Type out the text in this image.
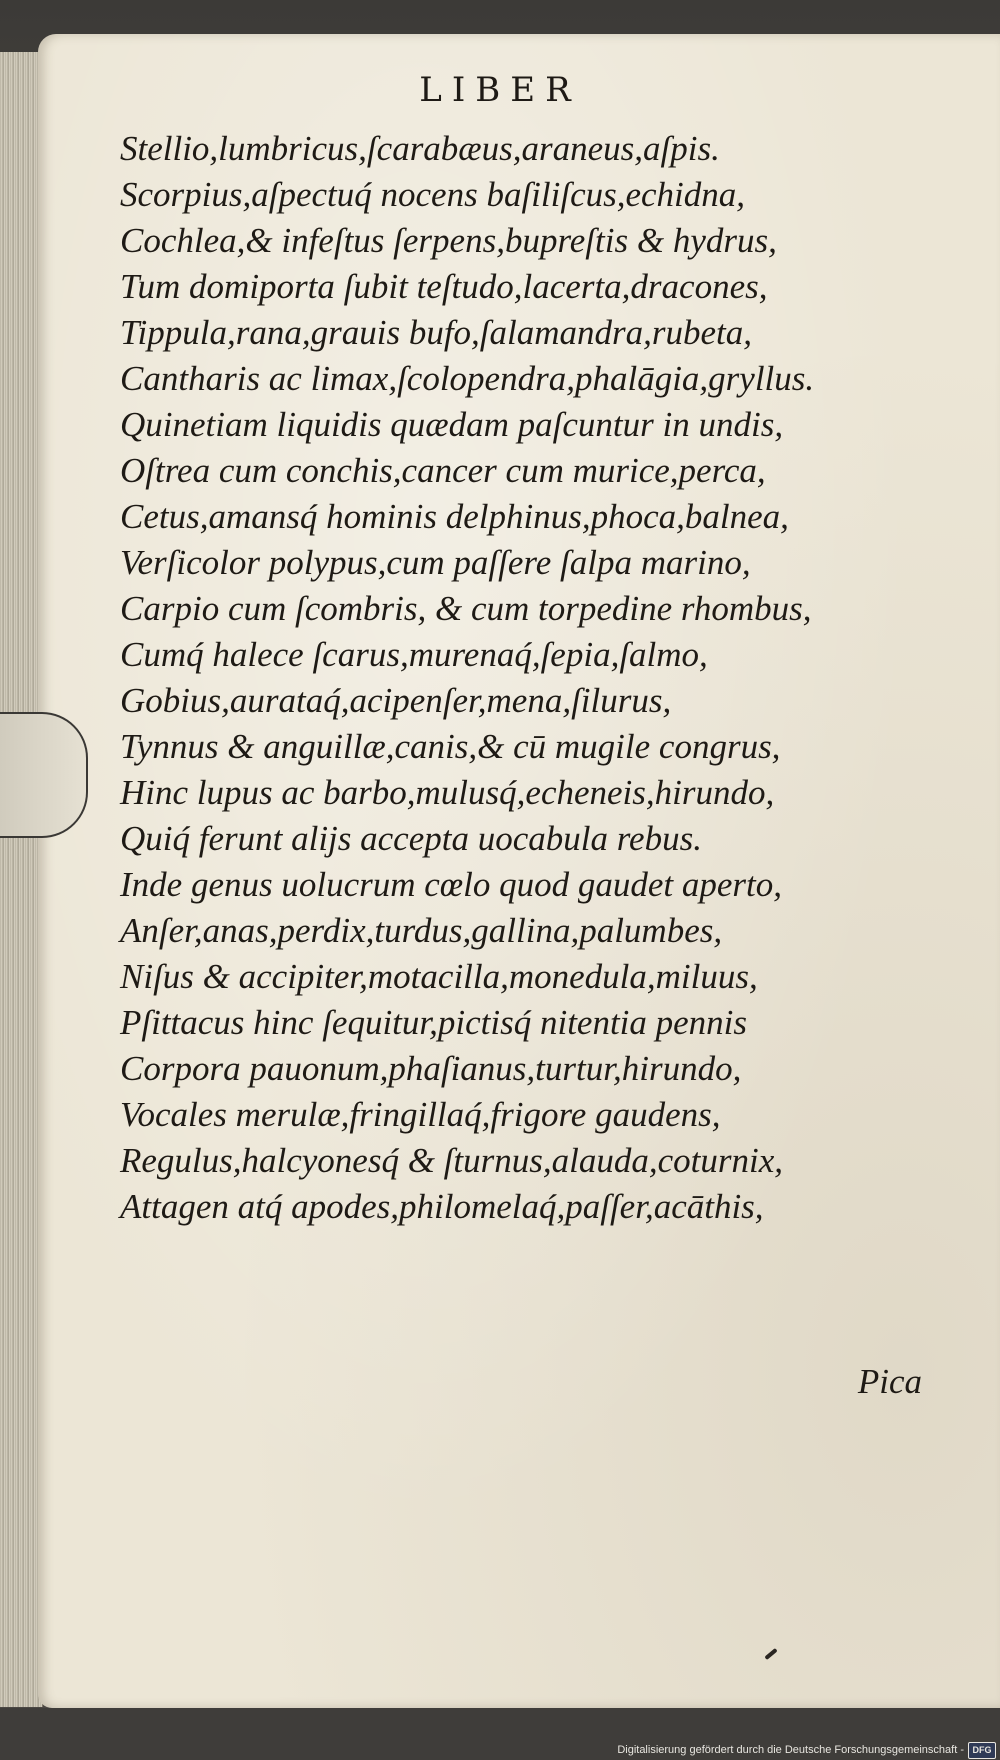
LIBER
Stellio,lumbricus,ſcarabæus,araneus,aſpis.
Scorpius,aſpectuq́ nocens baſiliſcus,echidna,
Cochlea,& infeſtus ſerpens,bupreſtis & hydrus,
Tum domiporta ſubit teſtudo,lacerta,dracones,
Tippula,rana,grauis bufo,ſalamandra,rubeta,
Cantharis ac limax,ſcolopendra,phalāgia,gryllus.
Quinetiam liquidis quædam paſcuntur in undis,
Oſtrea cum conchis,cancer cum murice,perca,
Cetus,amansq́ hominis delphinus,phoca,balnea,
Verſicolor polypus,cum paſſere ſalpa marino,
Carpio cum ſcombris, & cum torpedine rhombus,
Cumq́ halece ſcarus,murenaq́,ſepia,ſalmo,
Gobius,aurataq́,acipenſer,mena,ſilurus,
Tynnus & anguillæ,canis,& cū mugile congrus,
Hinc lupus ac barbo,mulusq́,echeneis,hirundo,
Quiq́ ferunt alijs accepta uocabula rebus.
Inde genus uolucrum cœlo quod gaudet aperto,
Anſer,anas,perdix,turdus,gallina,palumbes,
Niſus & accipiter,motacilla,monedula,miluus,
Pſittacus hinc ſequitur,pictisq́ nitentia pennis
Corpora pauonum,phaſianus,turtur,hirundo,
Vocales merulæ,fringillaq́,frigore gaudens,
Regulus,halcyonesq́ & ſturnus,alauda,coturnix,
Attagen atq́ apodes,philomelaq́,paſſer,acāthis,
Pica
Digitalisierung gefördert durch die Deutsche Forschungsgemeinschaft - DFG
